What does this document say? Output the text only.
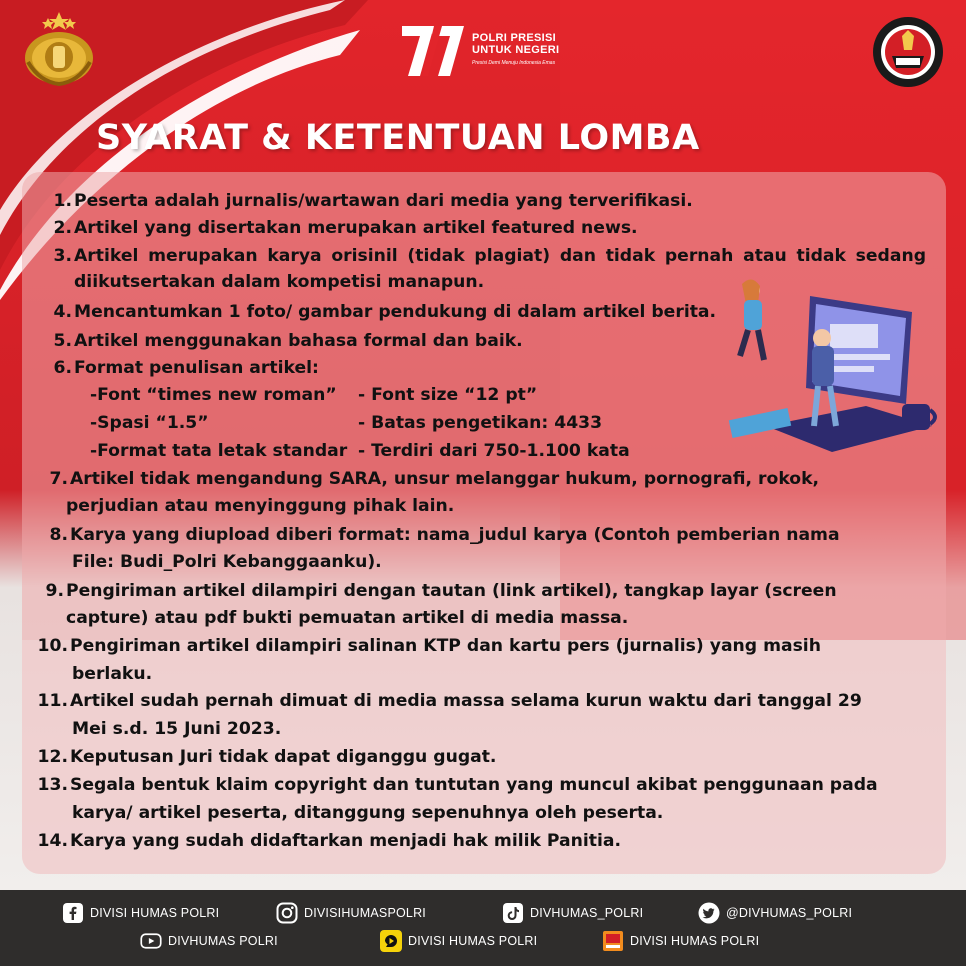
POLRI PRESISI
UNTUK NEGERI
Presisi Demi Menuju Indonesia Emas
SYARAT & KETENTUAN LOMBA
1. Peserta adalah jurnalis/wartawan dari media yang terverifikasi.
2. Artikel yang disertakan merupakan artikel featured news.
3. Artikel merupakan karya orisinil (tidak plagiat) dan tidak pernah atau tidak sedang
diikutsertakan dalam kompetisi manapun.
4. Mencantumkan 1 foto/ gambar pendukung di dalam artikel berita.
5. Artikel menggunakan bahasa formal dan baik.
6. Format penulisan artikel:
-Font “times new roman” - Font size “12 pt”
-Spasi “1.5”	- Batas pengetikan: 4433
-Format tata letak standar - Terdiri dari 750-1.100 kata
7. Artikel tidak mengandung SARA, unsur melanggar hukum, pornografi, rokok,
perjudian atau menyinggung pihak lain.
8. Karya yang diupload diberi format: nama_judul karya (Contoh pemberian nama
File: Budi_Polri Kebanggaanku).
9. Pengiriman artikel dilampiri dengan tautan (link artikel), tangkap layar (screen
capture) atau pdf bukti pemuatan artikel di media massa.
10. Pengiriman artikel dilampiri salinan KTP dan kartu pers (jurnalis) yang masih
berlaku.
11. Artikel sudah pernah dimuat di media massa selama kurun waktu dari tanggal 29
Mei s.d. 15 Juni 2023.
12. Keputusan Juri tidak dapat diganggu gugat.
13. Segala bentuk klaim copyright dan tuntutan yang muncul akibat penggunaan pada
karya/ artikel peserta, ditanggung sepenuhnya oleh peserta.
14. Karya yang sudah didaftarkan menjadi hak milik Panitia.
DIVISI HUMAS POLRI	DIVISIHUMASPOLRI	DIVHUMAS_POLRI	@DIVHUMAS_POLRI
DIVHUMAS POLRI	DIVISI HUMAS POLRI	DIVISI HUMAS POLRI
